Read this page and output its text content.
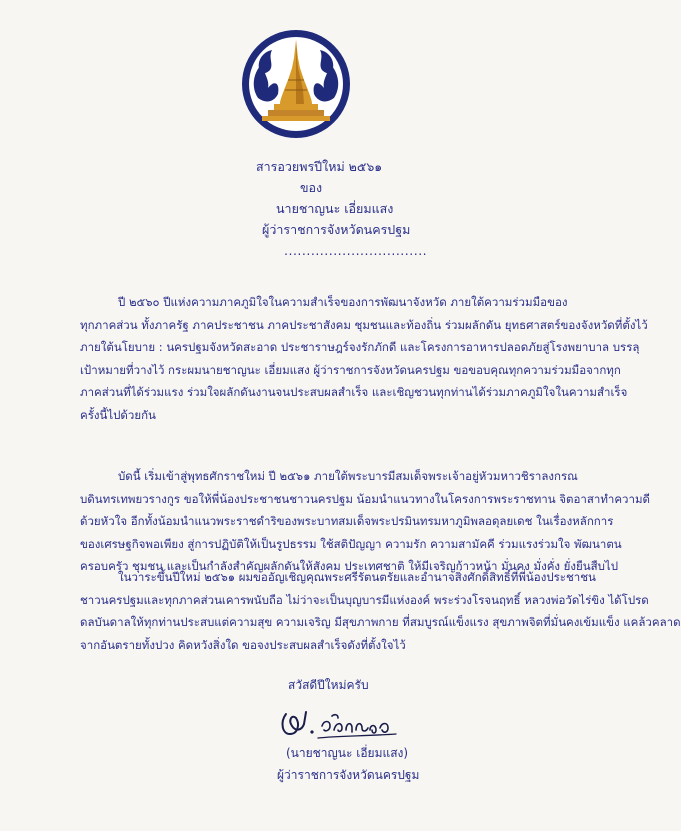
สารอวยพรปีใหม่ ๒๕๖๑
ของ
นายชาญนะ เอี่ยมแสง
ผู้ว่าราชการจังหวัดนครปฐม
................................
ปี ๒๕๖๐ ปีแห่งความภาคภูมิใจในความสำเร็จของการพัฒนาจังหวัด ภายใต้ความร่วมมือของ
ทุกภาคส่วน ทั้งภาครัฐ ภาคประชาชน ภาคประชาสังคม ชุมชนและท้องถิ่น ร่วมผลักดัน ยุทธศาสตร์ของจังหวัดที่ตั้งไว้
ภายใต้นโยบาย : นครปฐมจังหวัดสะอาด ประชาราษฎร์จงรักภักดี และโครงการอาหารปลอดภัยสู่โรงพยาบาล บรรลุ
เป้าหมายที่วางไว้ กระผมนายชาญนะ เอี่ยมแสง ผู้ว่าราชการจังหวัดนครปฐม ขอขอบคุณทุกความร่วมมือจากทุก
ภาคส่วนที่ได้ร่วมแรง ร่วมใจผลักดันงานจนประสบผลสำเร็จ และเชิญชวนทุกท่านได้ร่วมภาคภูมิใจในความสำเร็จ
ครั้งนี้ไปด้วยกัน
บัดนี้ เริ่มเข้าสู่พุทธศักราชใหม่ ปี ๒๕๖๑ ภายใต้พระบารมีสมเด็จพระเจ้าอยู่หัวมหาวชิราลงกรณ
บดินทรเทพยวรางกูร ขอให้พี่น้องประชาชนชาวนครปฐม น้อมนำแนวทางในโครงการพระราชทาน จิตอาสาทำความดี
ด้วยหัวใจ อีกทั้งน้อมนำแนวพระราชดำริของพระบาทสมเด็จพระปรมินทรมหาภูมิพลอดุลยเดช ในเรื่องหลักการ
ของเศรษฐกิจพอเพียง สู่การปฏิบัติให้เป็นรูปธรรม ใช้สติปัญญา ความรัก ความสามัคคี ร่วมแรงร่วมใจ พัฒนาตน
ครอบครัว ชุมชน และเป็นกำลังสำคัญผลักดันให้สังคม ประเทศชาติ ให้มีเจริญก้าวหน้า มั่นคง มั่งคั่ง ยั่งยืนสืบไป
ในวาระขึ้นปีใหม่ ๒๕๖๑ ผมขออัญเชิญคุณพระศรีรัตนตรัยและอำนาจสิ่งศักดิ์สิทธิ์ที่พี่น้องประชาชน
ชาวนครปฐมและทุกภาคส่วนเคารพนับถือ ไม่ว่าจะเป็นบุญบารมีแห่งองค์ พระร่วงโรจนฤทธิ์ หลวงพ่อวัดไร่ขิง ได้โปรด
ดลบันดาลให้ทุกท่านประสบแต่ความสุข ความเจริญ มีสุขภาพกาย ที่สมบูรณ์แข็งแรง สุขภาพจิตที่มั่นคงเข้มแข็ง แคล้วคลาด
จากอันตรายทั้งปวง คิดหวังสิ่งใด ขอจงประสบผลสำเร็จดังที่ตั้งใจไว้
สวัสดีปีใหม่ครับ
(นายชาญนะ เอี่ยมแสง)
ผู้ว่าราชการจังหวัดนครปฐม
